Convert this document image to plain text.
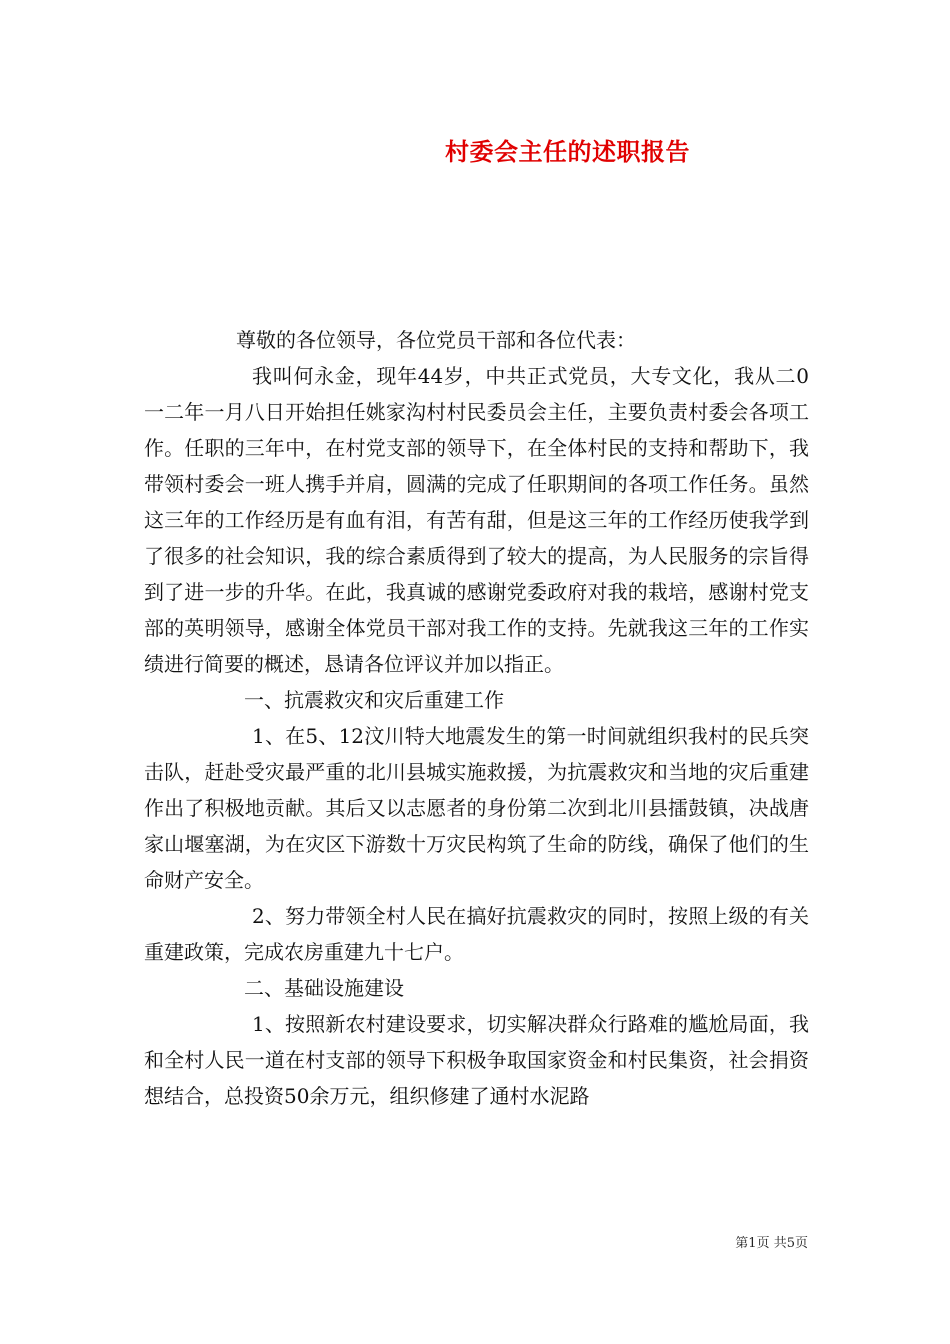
村委会主任的述职报告

尊敬的各位领导，各位党员干部和各位代表：

我叫何永金，现年44岁，中共正式党员，大专文化，我从二0一二年一月八日开始担任姚家沟村村民委员会主任，主要负责村委会各项工作。任职的三年中，在村党支部的领导下，在全体村民的支持和帮助下，我带领村委会一班人携手并肩，圆满的完成了任职期间的各项工作任务。虽然这三年的工作经历是有血有泪，有苦有甜，但是这三年的工作经历使我学到了很多的社会知识，我的综合素质得到了较大的提高，为人民服务的宗旨得到了进一步的升华。在此，我真诚的感谢党委政府对我的栽培，感谢村党支部的英明领导，感谢全体党员干部对我工作的支持。先就我这三年的工作实绩进行简要的概述，恳请各位评议并加以指正。

一、抗震救灾和灾后重建工作

1、在5、12汶川特大地震发生的第一时间就组织我村的民兵突击队，赶赴受灾最严重的北川县城实施救援，为抗震救灾和当地的灾后重建作出了积极地贡献。其后又以志愿者的身份第二次到北川县擂鼓镇，决战唐家山堰塞湖，为在灾区下游数十万灾民构筑了生命的防线，确保了他们的生命财产安全。

2、努力带领全村人民在搞好抗震救灾的同时，按照上级的有关重建政策，完成农房重建九十七户。

二、基础设施建设

1、按照新农村建设要求，切实解决群众行路难的尴尬局面，我和全村人民一道在村支部的领导下积极争取国家资金和村民集资，社会捐资想结合，总投资50余万元，组织修建了通村水泥路

第1页 共5页
